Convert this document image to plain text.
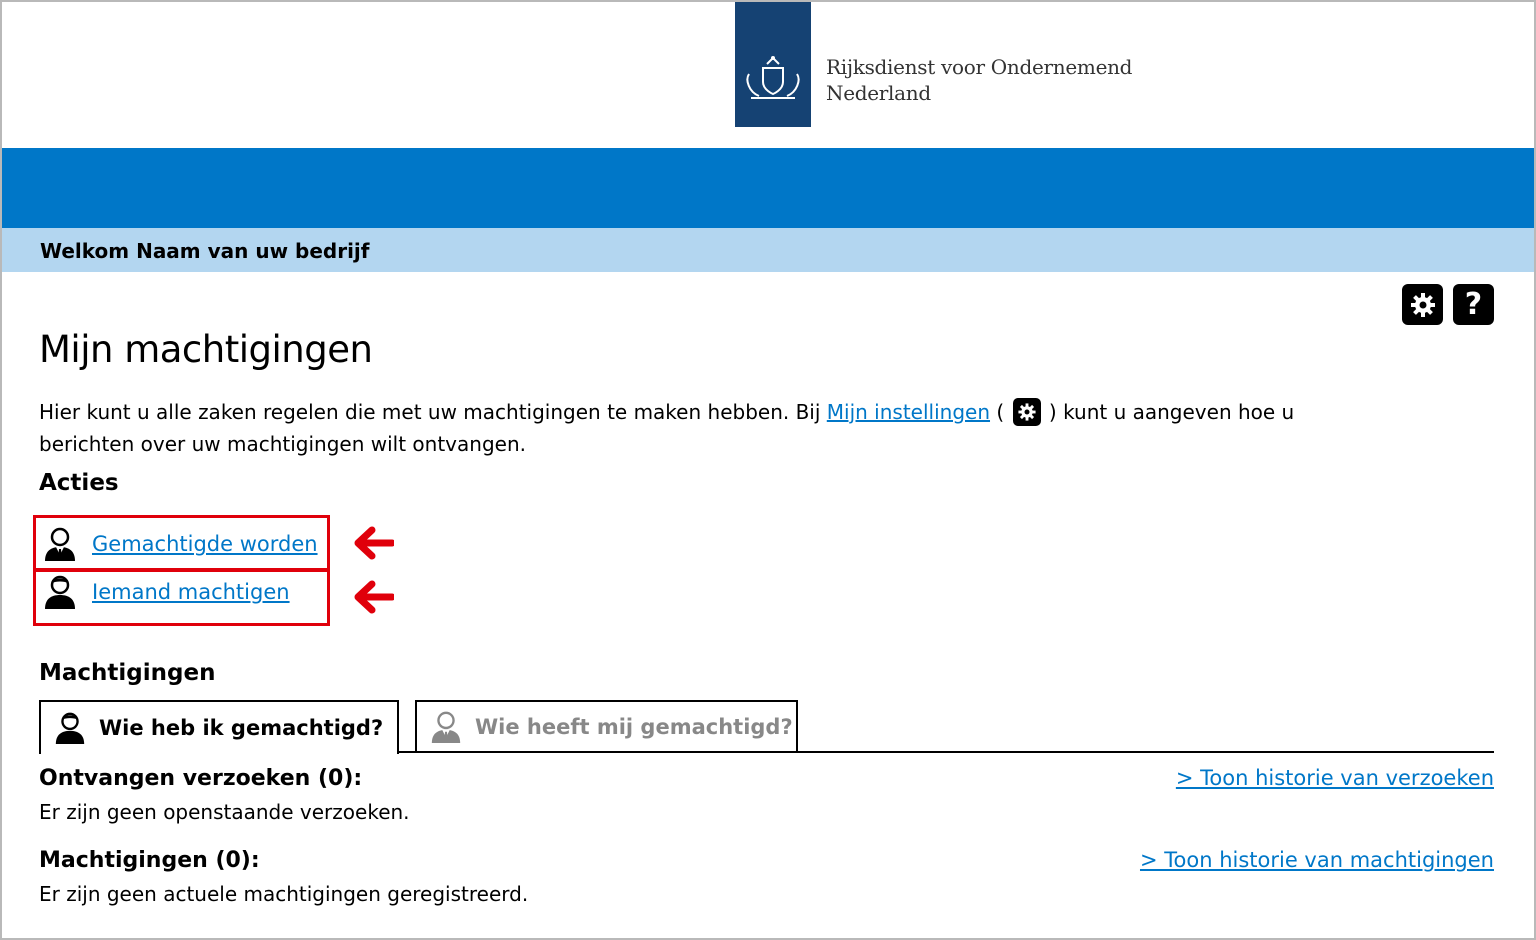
Rijksdienst voor Ondernemend
Nederland
Welkom Naam van uw bedrijf
?
Mijn machtigingen

Hier kunt u alle zaken regelen die met uw machtigingen te maken hebben. Bij Mijn instellingen (
) kunt u aangeven hoe u berichten over uw machtigingen wilt ontvangen.

Acties
Gemachtigde worden
Iemand machtigen
Machtigingen
Wie heb ik gemachtigd?	Wie heeft mij gemachtigd?
Ontvangen verzoeken (0):
Er zijn geen openstaande verzoeken.
> Toon historie van verzoeken
Machtigingen (0):
Er zijn geen actuele machtigingen geregistreerd.
> Toon historie van machtigingen
